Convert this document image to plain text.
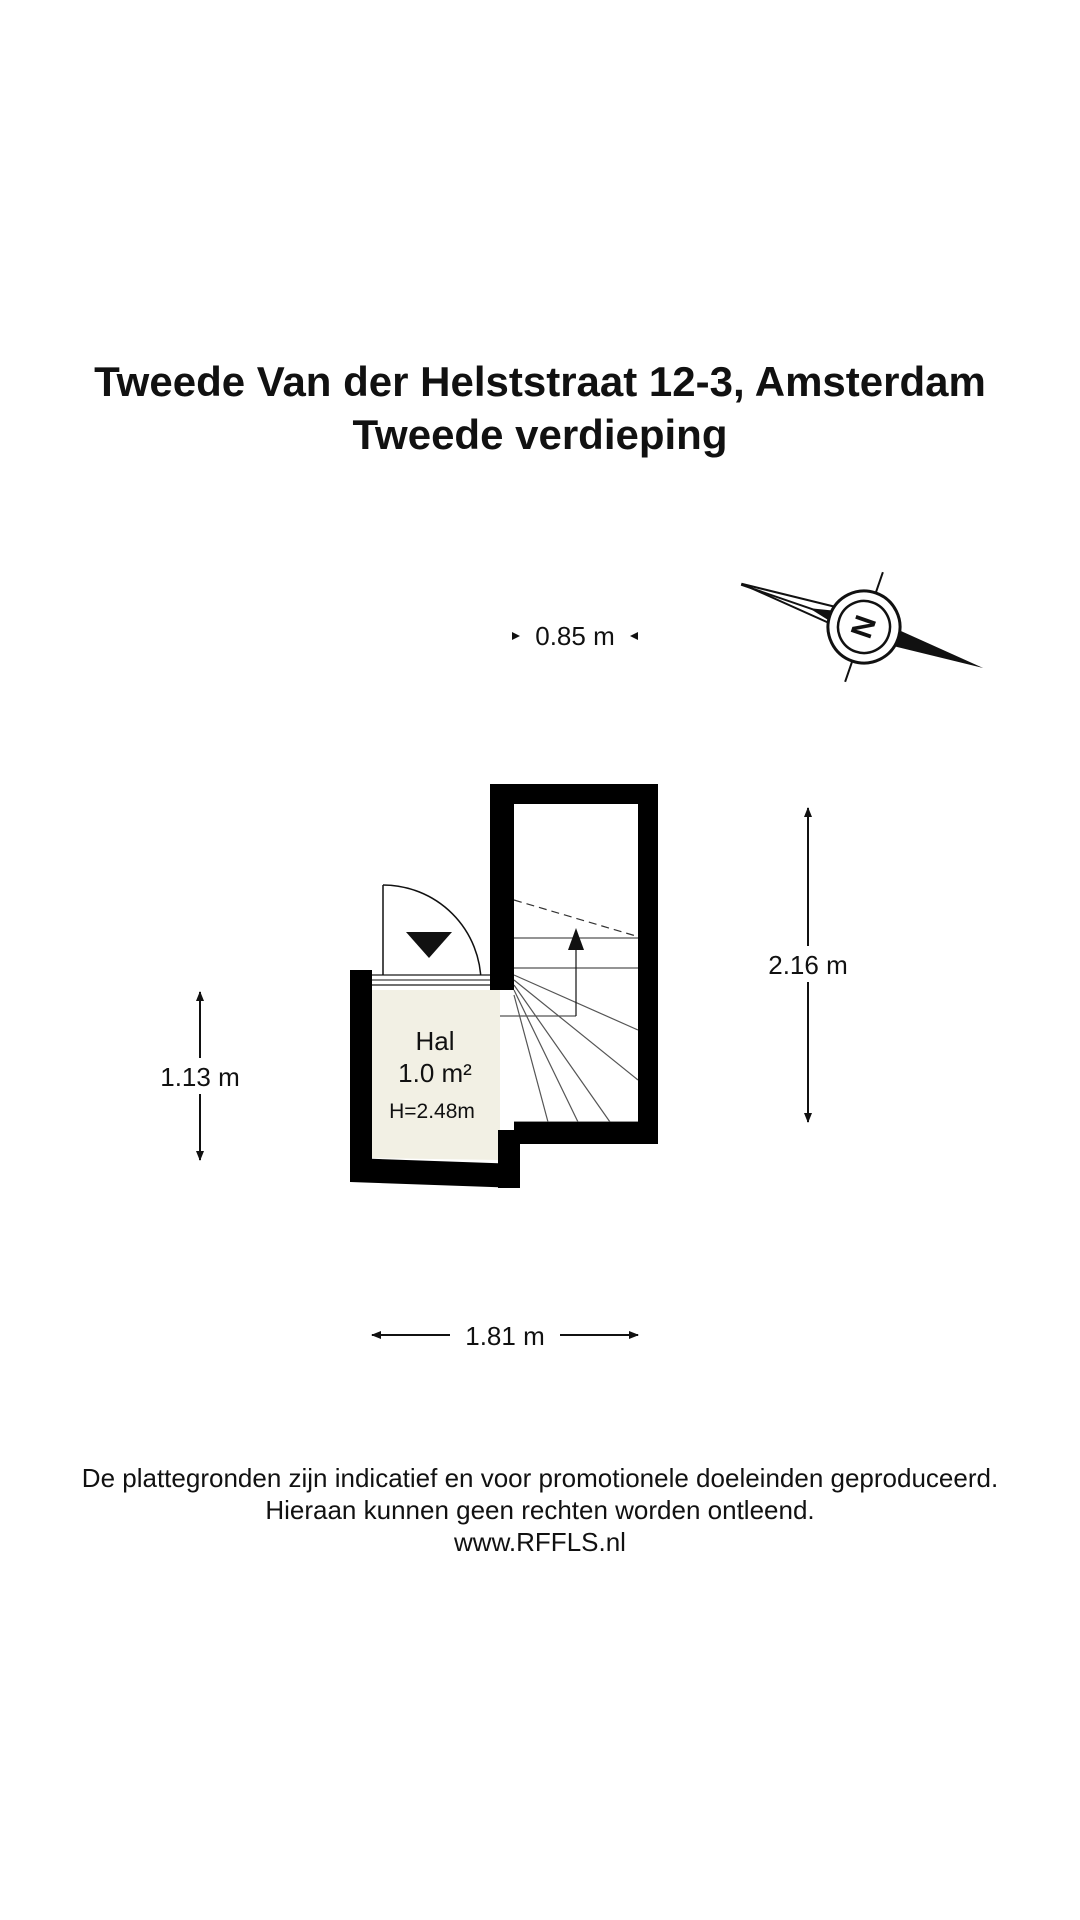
Tweede Van der Helststraat 12-3, Amsterdam
Tweede verdieping
0.85 m	N
2.16 m
1.13 m
1.81 m
Hal
1.0 m²
H=2.48m
De plattegronden zijn indicatief en voor promotionele doeleinden geproduceerd.
Hieraan kunnen geen rechten worden ontleend.
www.RFFLS.nl
